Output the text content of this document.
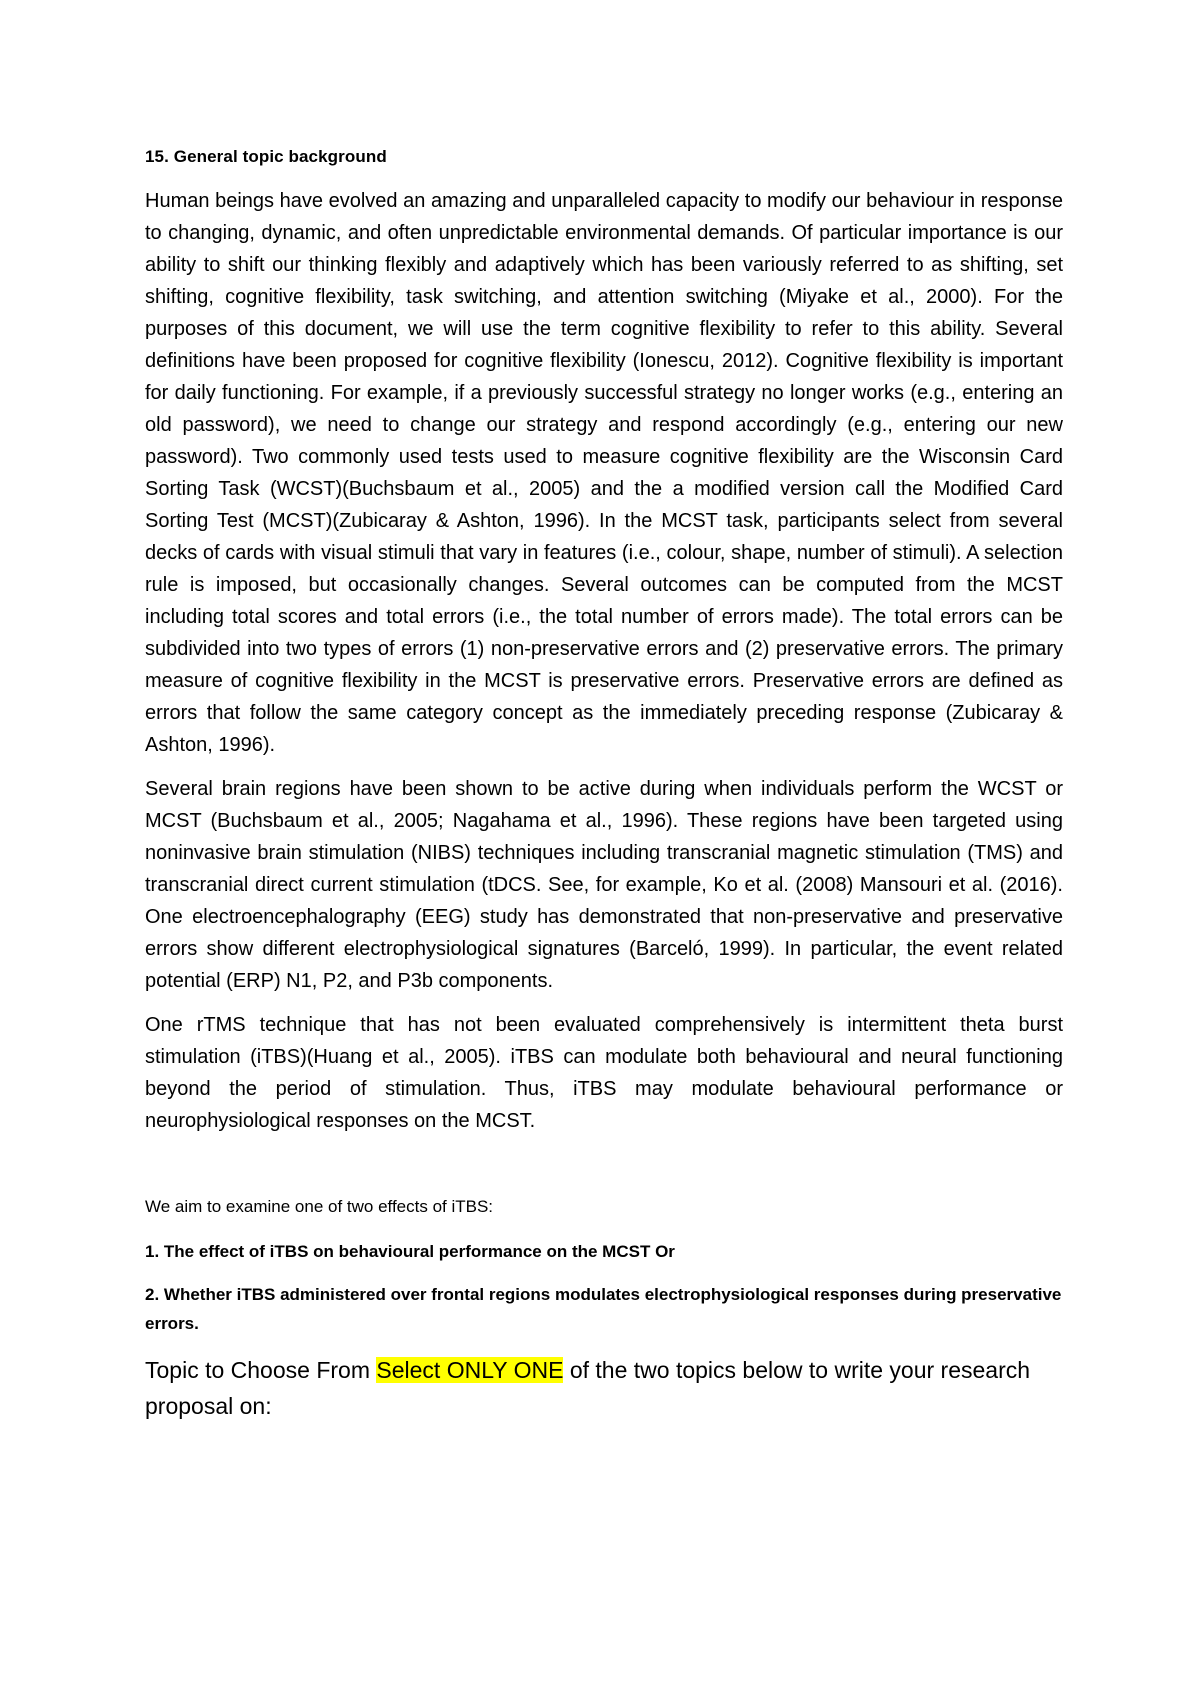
15. General topic background

Human beings have evolved an amazing and unparalleled capacity to modify our behaviour in response to changing, dynamic, and often unpredictable environmental demands. Of particular importance is our ability to shift our thinking flexibly and adaptively which has been variously referred to as shifting, set shifting, cognitive flexibility, task switching, and attention switching (Miyake et al., 2000). For the purposes of this document, we will use the term cognitive flexibility to refer to this ability. Several definitions have been proposed for cognitive flexibility (Ionescu, 2012). Cognitive flexibility is important for daily functioning. For example, if a previously successful strategy no longer works (e.g., entering an old password), we need to change our strategy and respond accordingly (e.g., entering our new password). Two commonly used tests used to measure cognitive flexibility are the Wisconsin Card Sorting Task (WCST)(Buchsbaum et al., 2005) and the a modified version call the Modified Card Sorting Test (MCST)(Zubicaray & Ashton, 1996). In the MCST task, participants select from several decks of cards with visual stimuli that vary in features (i.e., colour, shape, number of stimuli). A selection rule is imposed, but occasionally changes. Several outcomes can be computed from the MCST including total scores and total errors (i.e., the total number of errors made). The total errors can be subdivided into two types of errors (1) non-preservative errors and (2) preservative errors. The primary measure of cognitive flexibility in the MCST is preservative errors. Preservative errors are defined as errors that follow the same category concept as the immediately preceding response (Zubicaray & Ashton, 1996).

Several brain regions have been shown to be active during when individuals perform the WCST or MCST (Buchsbaum et al., 2005; Nagahama et al., 1996). These regions have been targeted using noninvasive brain stimulation (NIBS) techniques including transcranial magnetic stimulation (TMS) and transcranial direct current stimulation (tDCS. See, for example, Ko et al. (2008) Mansouri et al. (2016). One electroencephalography (EEG) study has demonstrated that non-preservative and preservative errors show different electrophysiological signatures (Barceló, 1999). In particular, the event related potential (ERP) N1, P2, and P3b components.

One rTMS technique that has not been evaluated comprehensively is intermittent theta burst stimulation (iTBS)(Huang et al., 2005). iTBS can modulate both behavioural and neural functioning beyond the period of stimulation. Thus, iTBS may modulate behavioural performance or neurophysiological responses on the MCST.

We aim to examine one of two effects of iTBS:
1. The effect of iTBS on behavioural performance on the MCST Or
2. Whether iTBS administered over frontal regions modulates electrophysiological responses during preservative errors.
Topic to Choose From Select ONLY ONE of the two topics below to write your research proposal on:
